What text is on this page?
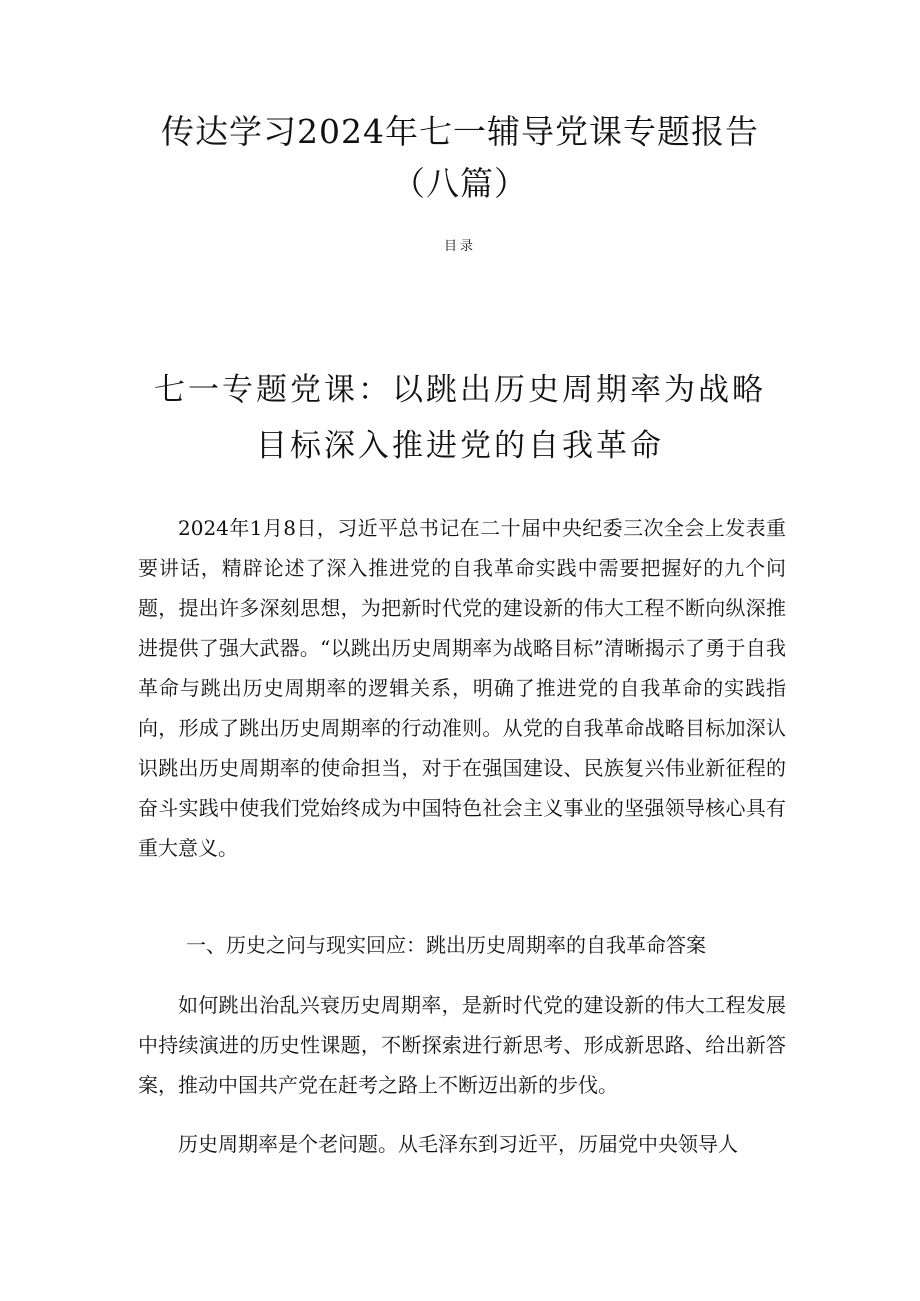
传达学习2024年七一辅导党课专题报告
（八篇）
目录
七一专题党课：以跳出历史周期率为战略
目标深入推进党的自我革命

2024年1月8日，习近平总书记在二十届中央纪委三次全会上发表重要讲话，精辟论述了深入推进党的自我革命实践中需要把握好的九个问题，提出许多深刻思想，为把新时代党的建设新的伟大工程不断向纵深推进提供了强大武器。“以跳出历史周期率为战略目标”清晰揭示了勇于自我革命与跳出历史周期率的逻辑关系，明确了推进党的自我革命的实践指向，形成了跳出历史周期率的行动准则。从党的自我革命战略目标加深认识跳出历史周期率的使命担当，对于在强国建设、民族复兴伟业新征程的奋斗实践中使我们党始终成为中国特色社会主义事业的坚强领导核心具有重大意义。

一、历史之问与现实回应：跳出历史周期率的自我革命答案

如何跳出治乱兴衰历史周期率，是新时代党的建设新的伟大工程发展中持续演进的历史性课题，不断探索进行新思考、形成新思路、给出新答案，推动中国共产党在赶考之路上不断迈出新的步伐。

历史周期率是个老问题。从毛泽东到习近平，历届党中央领导人
